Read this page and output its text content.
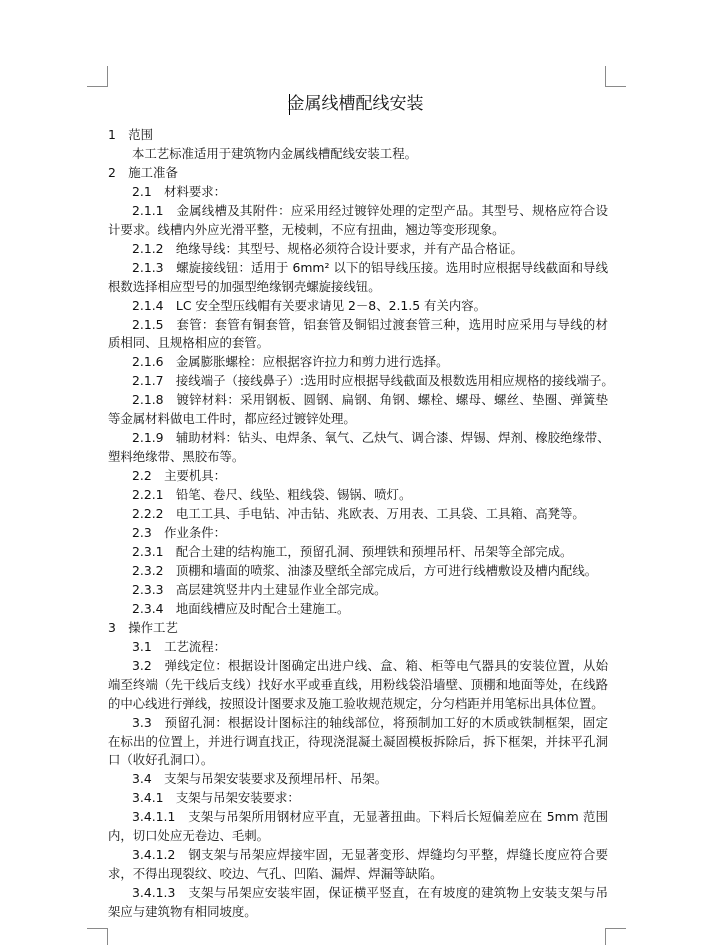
金属线槽配线安装
1　范围
本工艺标准适用于建筑物内金属线槽配线安装工程。
2　施工准备
2.1　材料要求：
2.1.1　金属线槽及其附件：应采用经过镀锌处理的定型产品。其型号、规格应符合设
计要求。线槽内外应光滑平整，无棱刺，不应有扭曲，翘边等变形现象。
2.1.2　绝缘导线：其型号、规格必须符合设计要求，并有产品合格证。
2.1.3　螺旋接线钮：适用于 6mm² 以下的铝导线压接。选用时应根据导线截面和导线
根数选择相应型号的加强型绝缘钢壳螺旋接线钮。
2.1.4　LC 安全型压线帽有关要求请见 2－8、2.1.5 有关内容。
2.1.5　套管：套管有铜套管，铝套管及铜铝过渡套管三种，选用时应采用与导线的材
质相同、且规格相应的套管。
2.1.6　金属膨胀螺栓：应根据容许拉力和剪力进行选择。
2.1.7　接线端子（接线鼻子）:选用时应根据导线截面及根数选用相应规格的接线端子。
2.1.8　镀锌材料：采用钢板、圆钢、扁钢、角钢、螺栓、螺母、螺丝、垫圈、弹簧垫
等金属材料做电工件时，都应经过镀锌处理。
2.1.9　辅助材料：钻头、电焊条、氧气、乙炔气、调合漆、焊锡、焊剂、橡胶绝缘带、
塑料绝缘带、黑胶布等。
2.2　主要机具：
2.2.1　铅笔、卷尺、线坠、粗线袋、锡锅、喷灯。
2.2.2　电工工具、手电钻、冲击钻、兆欧表、万用表、工具袋、工具箱、高凳等。
2.3　作业条件：
2.3.1　配合土建的结构施工，预留孔洞、预埋铁和预埋吊杆、吊架等全部完成。
2.3.2　顶棚和墙面的喷浆、油漆及壁纸全部完成后，方可进行线槽敷设及槽内配线。
2.3.3　高层建筑竖井内土建显作业全部完成。
2.3.4　地面线槽应及时配合土建施工。
3　操作工艺
3.1　工艺流程：
3.2　弹线定位：根据设计图确定出进户线、盒、箱、柜等电气器具的安装位置，从始
端至终端（先干线后支线）找好水平或垂直线，用粉线袋沿墙壁、顶棚和地面等处，在线路
的中心线进行弹线，按照设计图要求及施工验收规范规定，分匀档距并用笔标出具体位置。
3.3　预留孔洞：根据设计图标注的轴线部位，将预制加工好的木质或铁制框架，固定
在标出的位置上，并进行调直找正，待现浇混凝土凝固模板拆除后，拆下框架，并抹平孔洞
口（收好孔洞口）。
3.4　支架与吊架安装要求及预埋吊杆、吊架。
3.4.1　支架与吊架安装要求：
3.4.1.1　支架与吊架所用钢材应平直，无显著扭曲。下料后长短偏差应在 5mm 范围
内，切口处应无卷边、毛刺。
3.4.1.2　钢支架与吊架应焊接牢固，无显著变形、焊缝均匀平整，焊缝长度应符合要
求，不得出现裂纹、咬边、气孔、凹陷、漏焊、焊漏等缺陷。
3.4.1.3　支架与吊架应安装牢固，保证横平竖直，在有坡度的建筑物上安装支架与吊
架应与建筑物有相同坡度。
